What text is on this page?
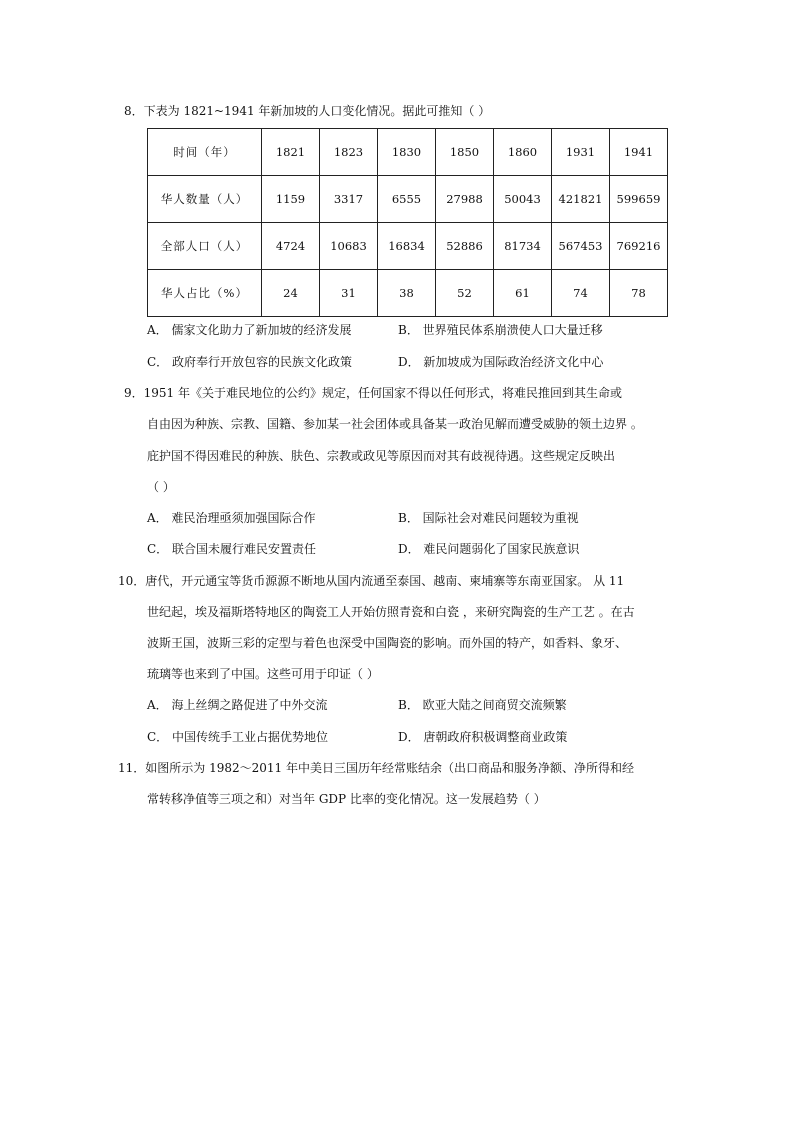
8．下表为 1821~1941 年新加坡的人口变化情况。据此可推知（ ）
时间（年）	1821	1823	1830	1850	1860	1931	1941
华人数量（人）	1159	3317	6555	27988	50043	421821	599659
全部人口（人）	4724	10683	16834	52886	81734	567453	769216
华人占比（%）	24	31	38	52	61	74	78
A． 儒家文化助力了新加坡的经济发展	B． 世界殖民体系崩溃使人口大量迁移
C． 政府奉行开放包容的民族文化政策	D． 新加坡成为国际政治经济文化中心
9．1951 年《关于难民地位的公约》规定，任何国家不得以任何形式，将难民推回到其生命或
自由因为种族、宗教、国籍、参加某一社会团体或具备某一政治见解而遭受威胁的领土边界 。
庇护国不得因难民的种族、肤色、宗教或政见等原因而对其有歧视待遇。这些规定反映出
（ ）
A． 难民治理亟须加强国际合作	B． 国际社会对难民问题较为重视
C． 联合国未履行难民安置责任	D． 难民问题弱化了国家民族意识
10．唐代，开元通宝等货币源源不断地从国内流通至泰国、越南、柬埔寨等东南亚国家。 从 11
世纪起，埃及福斯塔特地区的陶瓷工人开始仿照青瓷和白瓷 ，来研究陶瓷的生产工艺 。在古
波斯王国，波斯三彩的定型与着色也深受中国陶瓷的影响。而外国的特产，如香料、象牙、
琉璃等也来到了中国。这些可用于印证（ ）
A． 海上丝绸之路促进了中外交流	B． 欧亚大陆之间商贸交流频繁
C． 中国传统手工业占据优势地位	D． 唐朝政府积极调整商业政策
11．如图所示为 1982～2011 年中美日三国历年经常账结余（出口商品和服务净额、净所得和经
常转移净值等三项之和）对当年 GDP 比率的变化情况。这一发展趋势（ ）
